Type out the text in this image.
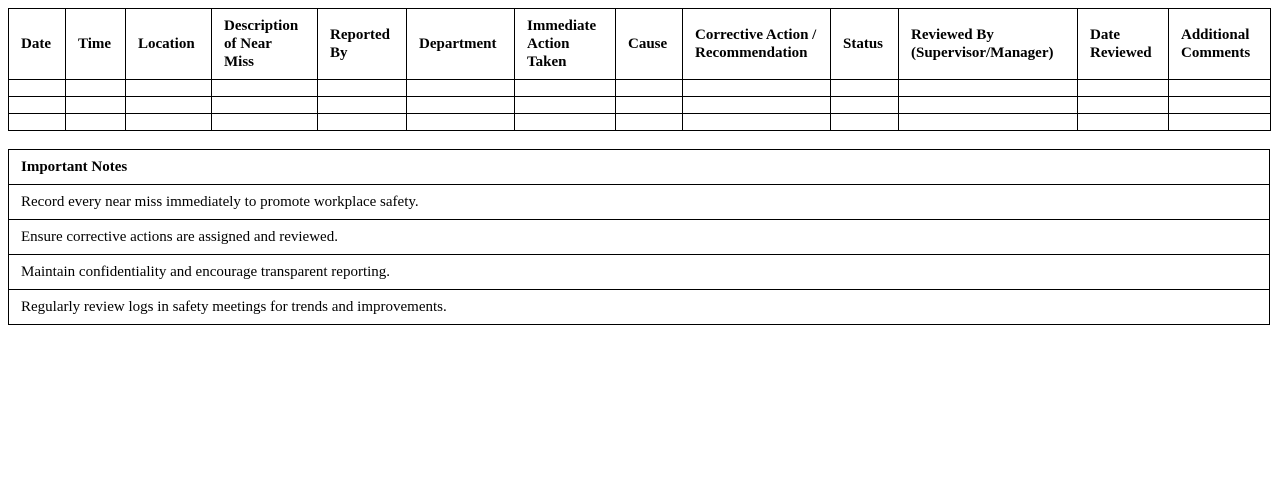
Date	Time	Location	Description of Near Miss	Reported By	Department	Immediate Action Taken	Cause	Corrective Action / Recommendation	Status	Reviewed By (Supervisor/Manager)	Date Reviewed	Additional Comments

Important Notes
Record every near miss immediately to promote workplace safety.
Ensure corrective actions are assigned and reviewed.
Maintain confidentiality and encourage transparent reporting.
Regularly review logs in safety meetings for trends and improvements.
